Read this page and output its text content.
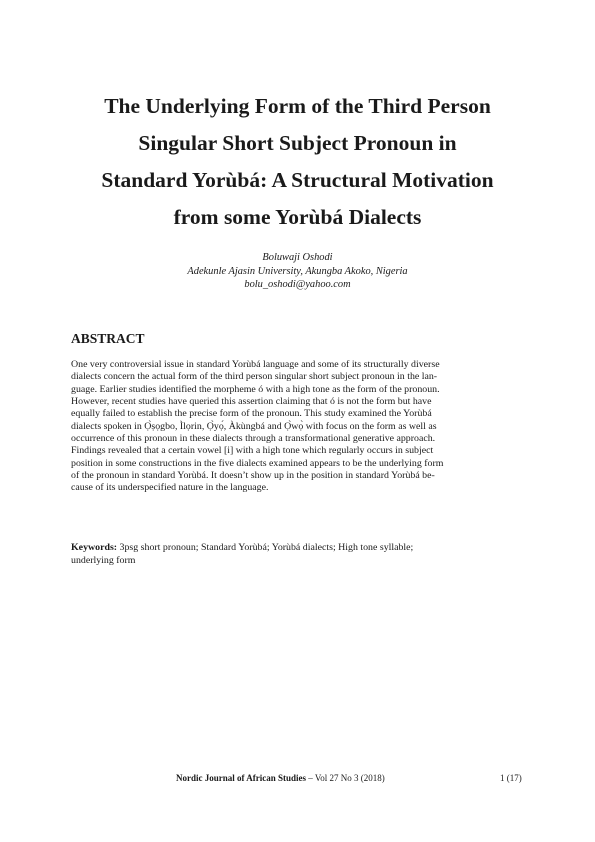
The Underlying Form of the Third Person
Singular Short Subject Pronoun in
Standard Yorùbá: A Structural Motivation
from some Yorùbá Dialects
Boluwaji Oshodi
Adekunle Ajasin University, Akungba Akoko, Nigeria
bolu_oshodi@yahoo.com
ABSTRACT
One very controversial issue in standard Yorùbá language and some of its structurally diverse
dialects concern the actual form of the third person singular short subject pronoun in the lan-
guage. Earlier studies identified the morpheme ó with a high tone as the form of the pronoun.
However, recent studies have queried this assertion claiming that ó is not the form but have
equally failed to establish the precise form of the pronoun. This study examined the Yorùbá
dialects spoken in Ọ̀ṣọgbo, Ìlọrin, Ọ̀yọ́, Àkùngbá and Ọ̀wọ̀ with focus on the form as well as
occurrence of this pronoun in these dialects through a transformational generative approach.
Findings revealed that a certain vowel [i] with a high tone which regularly occurs in subject
position in some constructions in the five dialects examined appears to be the underlying form
of the pronoun in standard Yorùbá. It doesn’t show up in the position in standard Yorùbá be-
cause of its underspecified nature in the language.
Keywords: 3psg short pronoun; Standard Yorùbá; Yorùbá dialects; High tone syllable;
underlying form
Nordic Journal of African Studies – Vol 27 No 3 (2018)	1 (17)
